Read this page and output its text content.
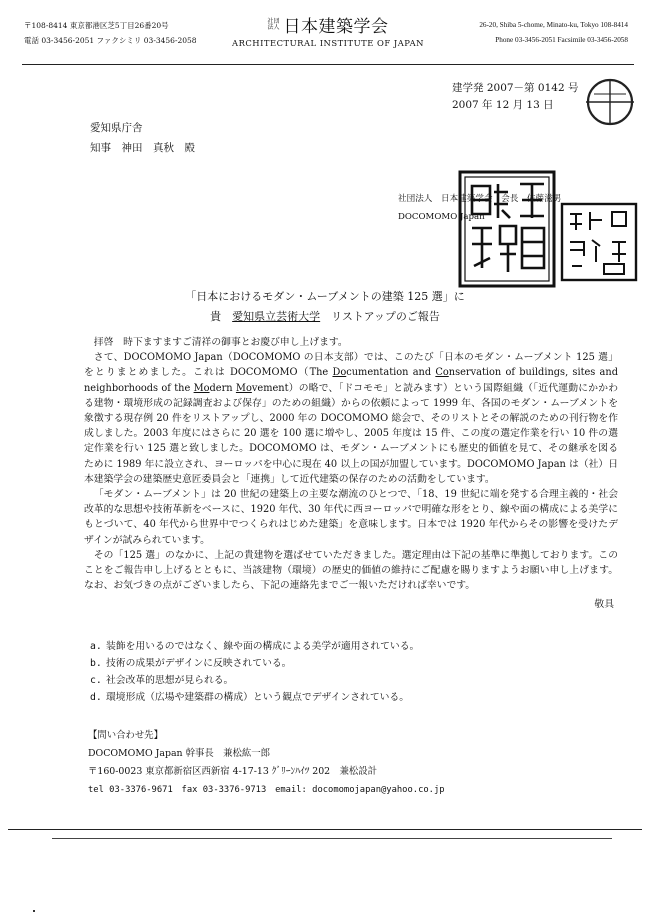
〒108-8414 東京都港区芝5丁目26番20号
電話 03-3456-2051 ファクシミリ 03-3456-2058
社団法人 日本建築学会
ARCHITECTURAL INSTITUTE OF JAPAN
26-20, Shiba 5-chome, Minato-ku, Tokyo 108-8414
Phone 03-3456-2051 Facsimile 03-3456-2058
建学発 2007－第 0142 号
2007 年 12 月 13 日
愛知県庁舎
知事　神田　真秋　殿
社団法人　日本建築学会　会長　佐藤滋男
DOCOMOMO Japan
「日本におけるモダン・ムーブメントの建築 125 選」に
貴　愛知県立芸術大学　リストアップのご報告

拝啓　時下ますますご清祥の御事とお慶び申し上げます。

さて、DOCOMOMO Japan（DOCOMOMO の日本支部）では、このたび「日本のモダン・ムーブメント 125 選」をとりまとめました。これは DOCOMOMO（The Documentation and Conservation of buildings, sites and neighborhoods of the Modern Movement）の略で、「ドコモモ」と読みます）という国際組織（「近代運動にかかわる建物・環境形成の記録調査および保存」のための組織）からの依頼によって 1999 年、各国のモダン・ムーブメントを象徴する現存例 20 件をリストアップし、2000 年の DOCOMOMO 総会で、そのリストとその解説のための刊行物を作成しました。2003 年度にはさらに 20 選を 100 選に増やし、2005 年度は 15 件、この度の選定作業を行い 10 件の選定作業を行い 125 選と致しました。DOCOMOMO は、モダン・ムーブメントにも歴史的価値を見て、その継承を図るために 1989 年に設立され、ヨーロッパを中心に現在 40 以上の国が加盟しています。DOCOMOMO Japan は（社）日本建築学会の建築歴史意匠委員会と「連携」して近代建築の保存のための活動をしています。

「モダン・ムーブメント」は 20 世紀の建築上の主要な潮流のひとつで、「18、19 世紀に端を発する合理主義的・社会改革的な思想や技術革新をベースに、1920 年代、30 年代に西ヨーロッパで明確な形をとり、線や面の構成による美学にもとづいて、40 年代から世界中でつくられはじめた建築」を意味します。日本では 1920 年代からその影響を受けたデザインが試みられています。

その「125 選」のなかに、上記の貴建物を選ばせていただきました。選定理由は下記の基準に準拠しております。このことをご報告申し上げるとともに、当該建物（環境）の歴史的価値の維持にご配慮を賜りますようお願い申し上げます。なお、お気づきの点がございましたら、下記の連絡先までご一報いただければ幸いです。

敬具

a. 装飾を用いるのではなく、線や面の構成による美学が適用されている。
b. 技術の成果がデザインに反映されている。
c. 社会改革的思想が見られる。
d. 環境形成（広場や建築群の構成）という観点でデザインされている。
【問い合わせ先】
DOCOMOMO Japan 幹事長　兼松紘一郎
〒160-0023 東京都新宿区西新宿 4-17-13 ｸﾞﾘｰﾝﾊｲﾂ 202　兼松設計
tel 03-3376-9671　fax 03-3376-9713　email: docomomojapan@yahoo.co.jp
